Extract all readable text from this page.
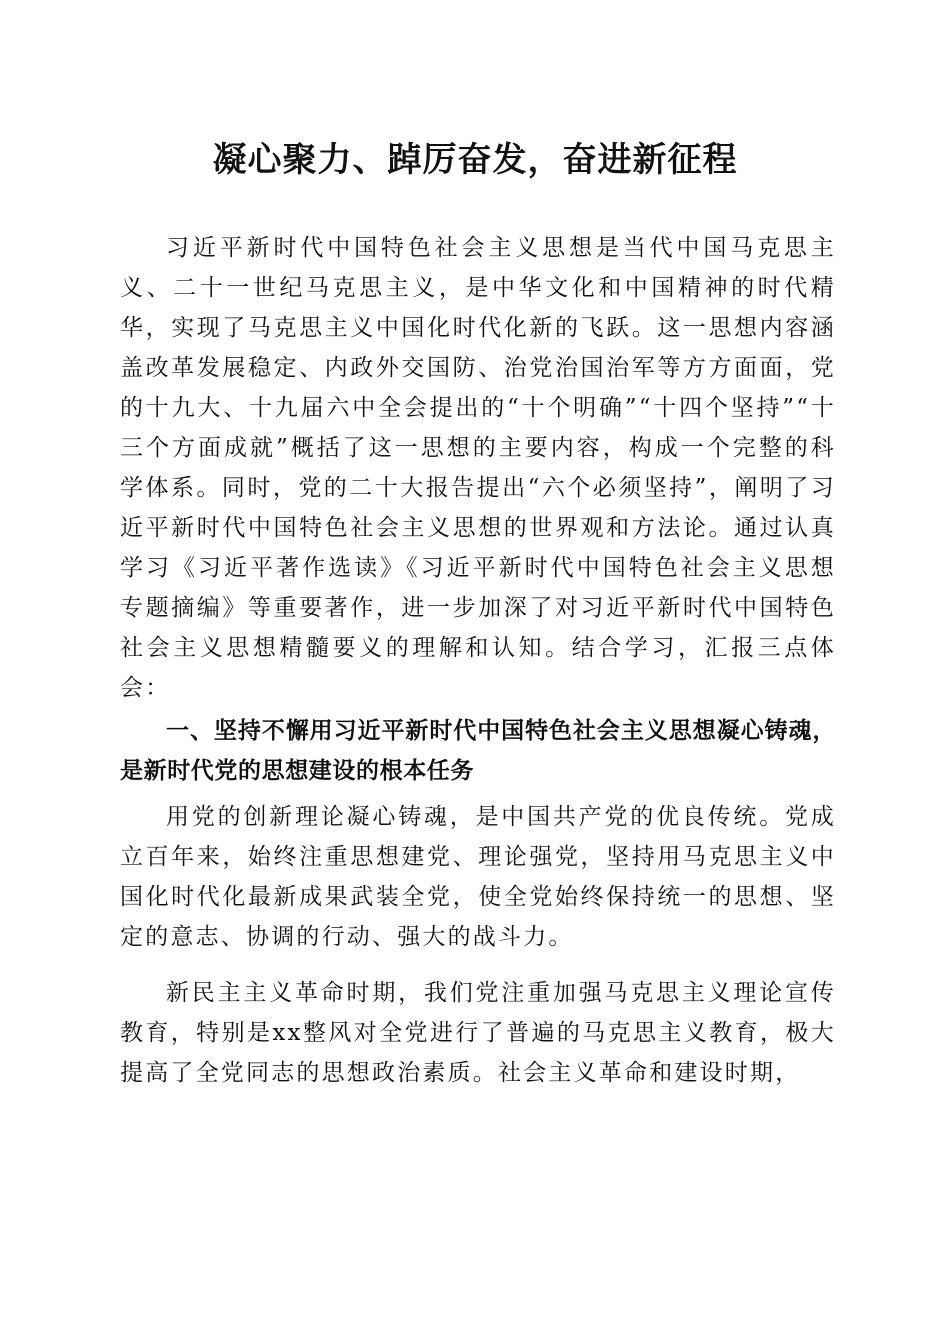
凝心聚力、踔厉奋发，奋进新征程

习近平新时代中国特色社会主义思想是当代中国马克思主义、二十一世纪马克思主义，是中华文化和中国精神的时代精华，实现了马克思主义中国化时代化新的飞跃。这一思想内容涵盖改革发展稳定、内政外交国防、治党治国治军等方方面面，党的十九大、十九届六中全会提出的“十个明确”“十四个坚持”“十三个方面成就”概括了这一思想的主要内容，构成一个完整的科学体系。同时，党的二十大报告提出“六个必须坚持”，阐明了习近平新时代中国特色社会主义思想的世界观和方法论。通过认真学习《习近平著作选读》《习近平新时代中国特色社会主义思想专题摘编》等重要著作，进一步加深了对习近平新时代中国特色社会主义思想精髓要义的理解和认知。结合学习，汇报三点体会：

一、坚持不懈用习近平新时代中国特色社会主义思想凝心铸魂，是新时代党的思想建设的根本任务

用党的创新理论凝心铸魂，是中国共产党的优良传统。党成立百年来，始终注重思想建党、理论强党，坚持用马克思主义中国化时代化最新成果武装全党，使全党始终保持统一的思想、坚定的意志、协调的行动、强大的战斗力。

新民主主义革命时期，我们党注重加强马克思主义理论宣传教育，特别是xx整风对全党进行了普遍的马克思主义教育，极大提高了全党同志的思想政治素质。社会主义革命和建设时期，
